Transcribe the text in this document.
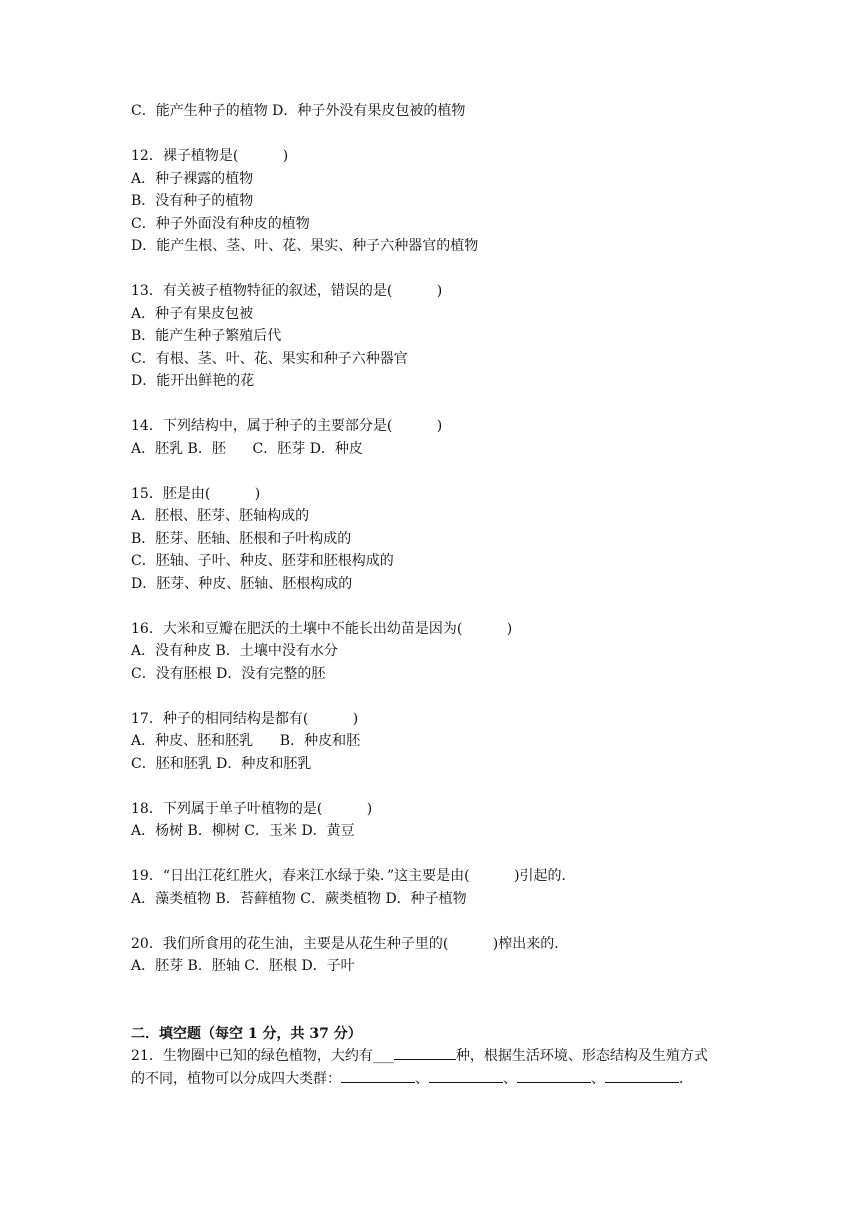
C．能产生种子的植物 D．种子外没有果皮包被的植物
12．裸子植物是(          )
A．种子裸露的植物
B．没有种子的植物
C．种子外面没有种皮的植物
D．能产生根、茎、叶、花、果实、种子六种器官的植物
13．有关被子植物特征的叙述，错误的是(          )
A．种子有果皮包被
B．能产生种子繁殖后代
C．有根、茎、叶、花、果实和种子六种器官
D．能开出鲜艳的花
14．下列结构中，属于种子的主要部分是(          )
A．胚乳 B．胚      C．胚芽 D．种皮
15．胚是由(          )
A．胚根、胚芽、胚轴构成的
B．胚芽、胚轴、胚根和子叶构成的
C．胚轴、子叶、种皮、胚芽和胚根构成的
D．胚芽、种皮、胚轴、胚根构成的
16．大米和豆瓣在肥沃的土壤中不能长出幼苗是因为(          )
A．没有种皮 B．土壤中没有水分
C．没有胚根 D．没有完整的胚
17．种子的相同结构是都有(          )
A．种皮、胚和胚乳      B．种皮和胚
C．胚和胚乳 D．种皮和胚乳
18．下列属于单子叶植物的是(          )
A．杨树 B．柳树 C．玉米 D．黄豆
19．“日出江花红胜火，春来江水绿于染．”这主要是由(          )引起的．
A．藻类植物 B．苔藓植物 C．蕨类植物 D．种子植物
20．我们所食用的花生油，主要是从花生种子里的(          )榨出来的．
A．胚芽 B．胚轴 C．胚根 D．子叶
二．填空题（每空 1 分，共 37 分）
21．生物圈中已知的绿色植物，大约有___	种，根据生活环境、形态结构及生殖方式
的不同，植物可以分成四大类群：	、	、	、	．
